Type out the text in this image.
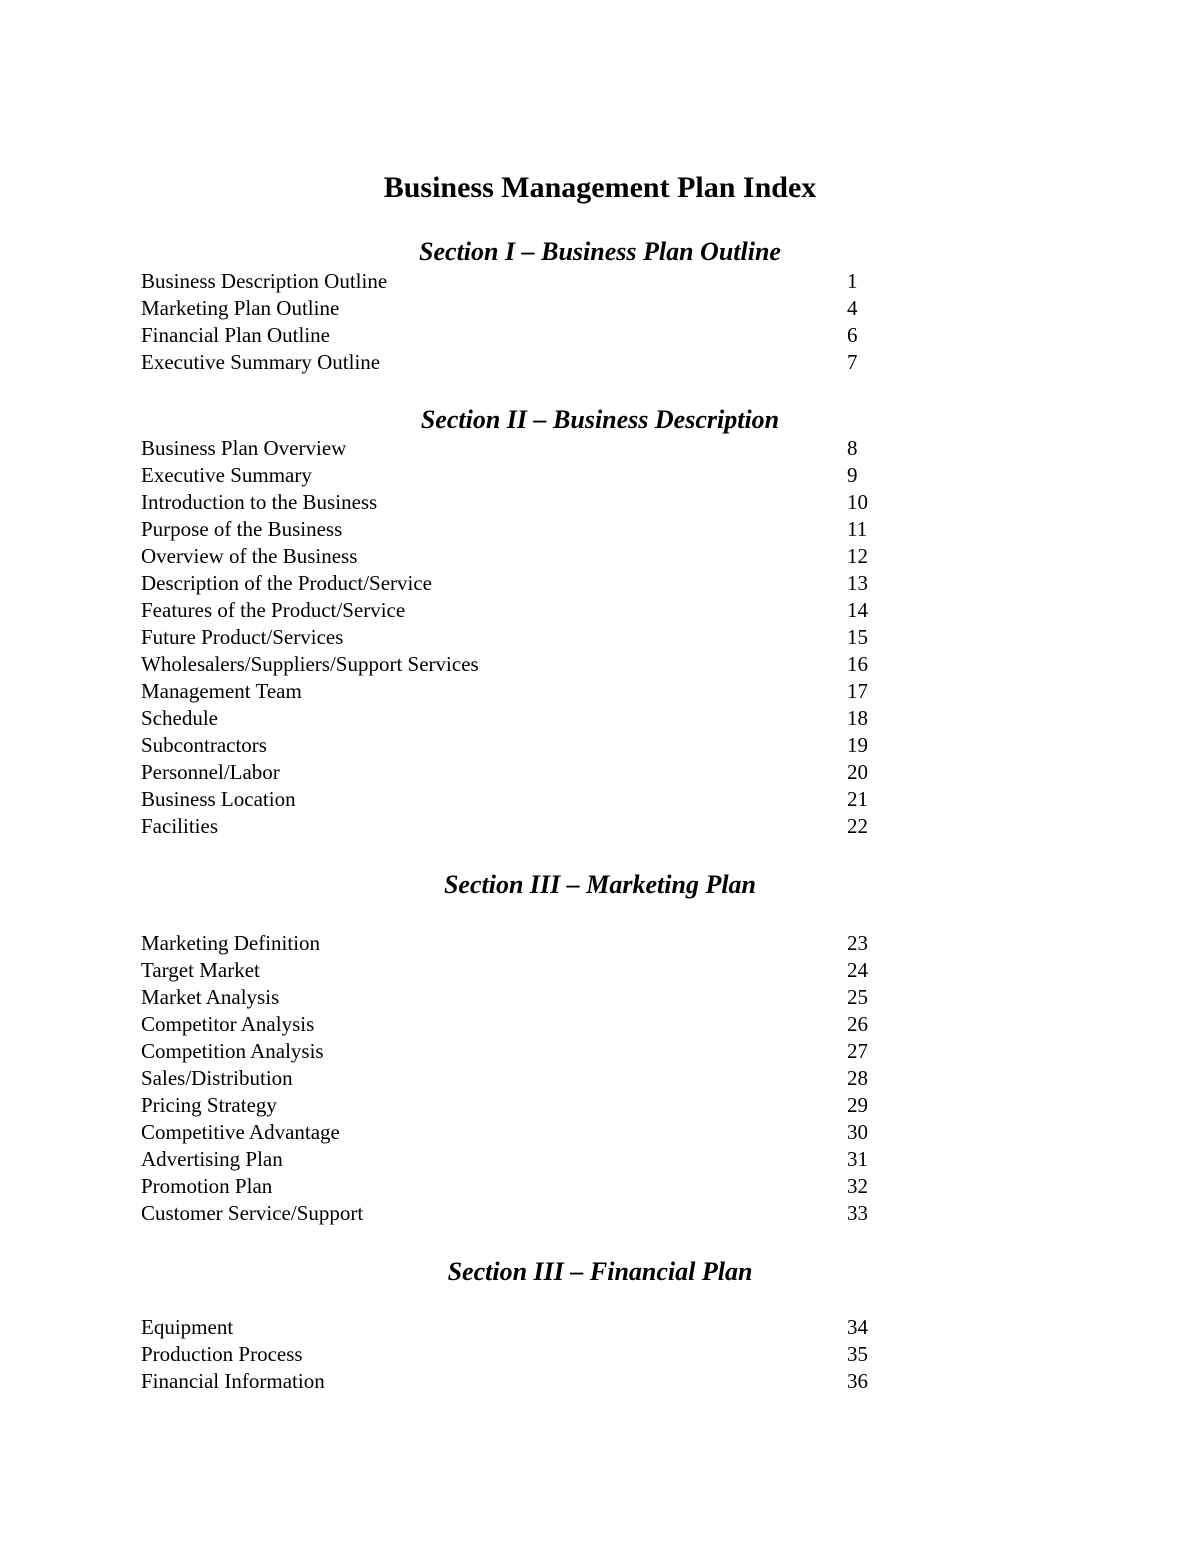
Business Management Plan Index
Section I – Business Plan Outline
Business Description Outline	1
Marketing Plan Outline	4
Financial Plan Outline	6
Executive Summary Outline	7
Section II – Business Description
Business Plan Overview	8
Executive Summary	9
Introduction to the Business	10
Purpose of the Business	11
Overview of the Business	12
Description of the Product/Service	13
Features of the Product/Service	14
Future Product/Services	15
Wholesalers/Suppliers/Support Services	16
Management Team	17
Schedule	18
Subcontractors	19
Personnel/Labor	20
Business Location	21
Facilities	22
Section III – Marketing Plan
Marketing Definition	23
Target Market	24
Market Analysis	25
Competitor Analysis	26
Competition Analysis	27
Sales/Distribution	28
Pricing Strategy	29
Competitive Advantage	30
Advertising Plan	31
Promotion Plan	32
Customer Service/Support	33
Section III – Financial Plan
Equipment	34
Production Process	35
Financial Information	36
